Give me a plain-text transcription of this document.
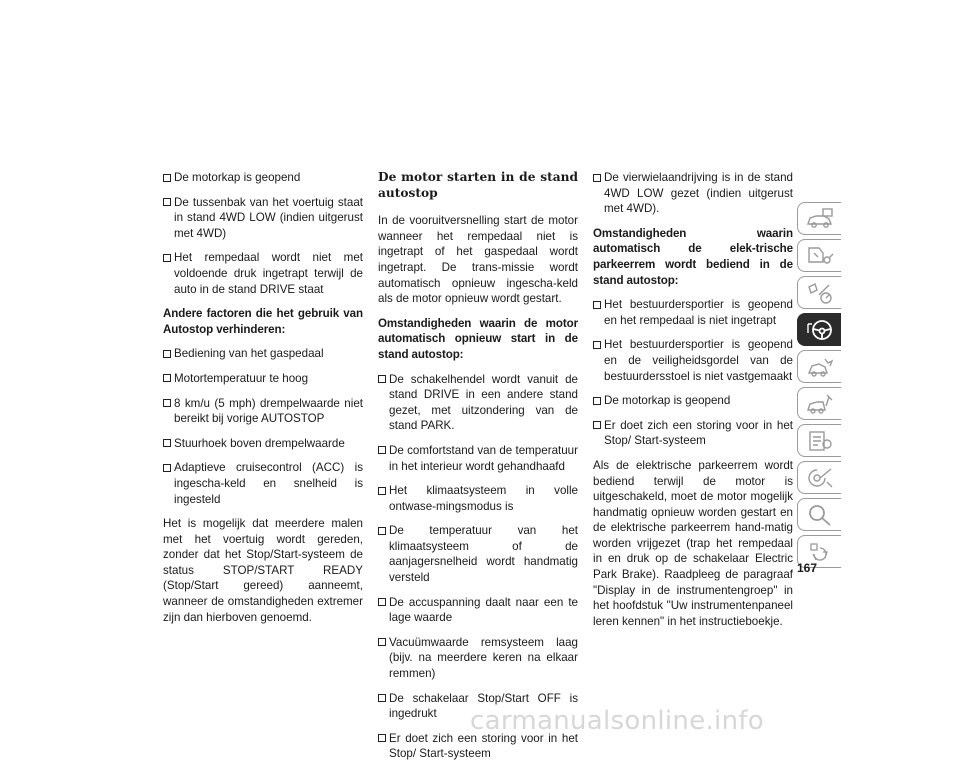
De motorkap is geopend
De tussenbak van het voertuig staat in stand 4WD LOW (indien uitgerust met 4WD)
Het rempedaal wordt niet met voldoende druk ingetrapt terwijl de auto in de stand DRIVE staat

Andere factoren die het gebruik van Autostop verhinderen:

Bediening van het gaspedaal
Motortemperatuur te hoog
8 km/u (5 mph) drempelwaarde niet bereikt bij vorige AUTOSTOP
Stuurhoek boven drempelwaarde
Adaptieve cruisecontrol (ACC) is ingescha-keld en snelheid is ingesteld

Het is mogelijk dat meerdere malen met het voertuig wordt gereden, zonder dat het Stop/Start-systeem de status STOP/START READY (Stop/Start gereed) aanneemt, wanneer de omstandigheden extremer zijn dan hierboven genoemd.

De motor starten in de stand autostop

In de vooruitversnelling start de motor wanneer het rempedaal niet is ingetrapt of het gaspedaal wordt ingetrapt. De trans-missie wordt automatisch opnieuw ingescha-keld als de motor opnieuw wordt gestart.

Omstandigheden waarin de motor automatisch opnieuw start in de stand autostop:

De schakelhendel wordt vanuit de stand DRIVE in een andere stand gezet, met uitzondering van de stand PARK.
De comfortstand van de temperatuur in het interieur wordt gehandhaafd
Het klimaatsysteem in volle ontwase-mingsmodus is
De temperatuur van het klimaatsysteem of de aanjagersnelheid wordt handmatig versteld
De accuspanning daalt naar een te lage waarde
Vacuümwaarde remsysteem laag (bijv. na meerdere keren na elkaar remmen)
De schakelaar Stop/Start OFF is ingedrukt
Er doet zich een storing voor in het Stop/ Start-systeem
De vierwielaandrijving is in de stand 4WD LOW gezet (indien uitgerust met 4WD).

Omstandigheden waarin automatisch de elek-trische parkeerrem wordt bediend in de stand autostop:

Het bestuurdersportier is geopend en het rempedaal is niet ingetrapt
Het bestuurdersportier is geopend en de veiligheidsgordel van de bestuurdersstoel is niet vastgemaakt
De motorkap is geopend
Er doet zich een storing voor in het Stop/ Start-systeem

Als de elektrische parkeerrem wordt bediend terwijl de motor is uitgeschakeld, moet de motor mogelijk handmatig opnieuw worden gestart en de elektrische parkeerrem hand-matig worden vrijgezet (trap het rempedaal in en druk op de schakelaar Electric Park Brake). Raadpleeg de paragraaf "Display in de instrumentengroep" in het hoofdstuk "Uw instrumentenpaneel leren kennen" in het instructieboekje.

167
carmanualsonline.info
